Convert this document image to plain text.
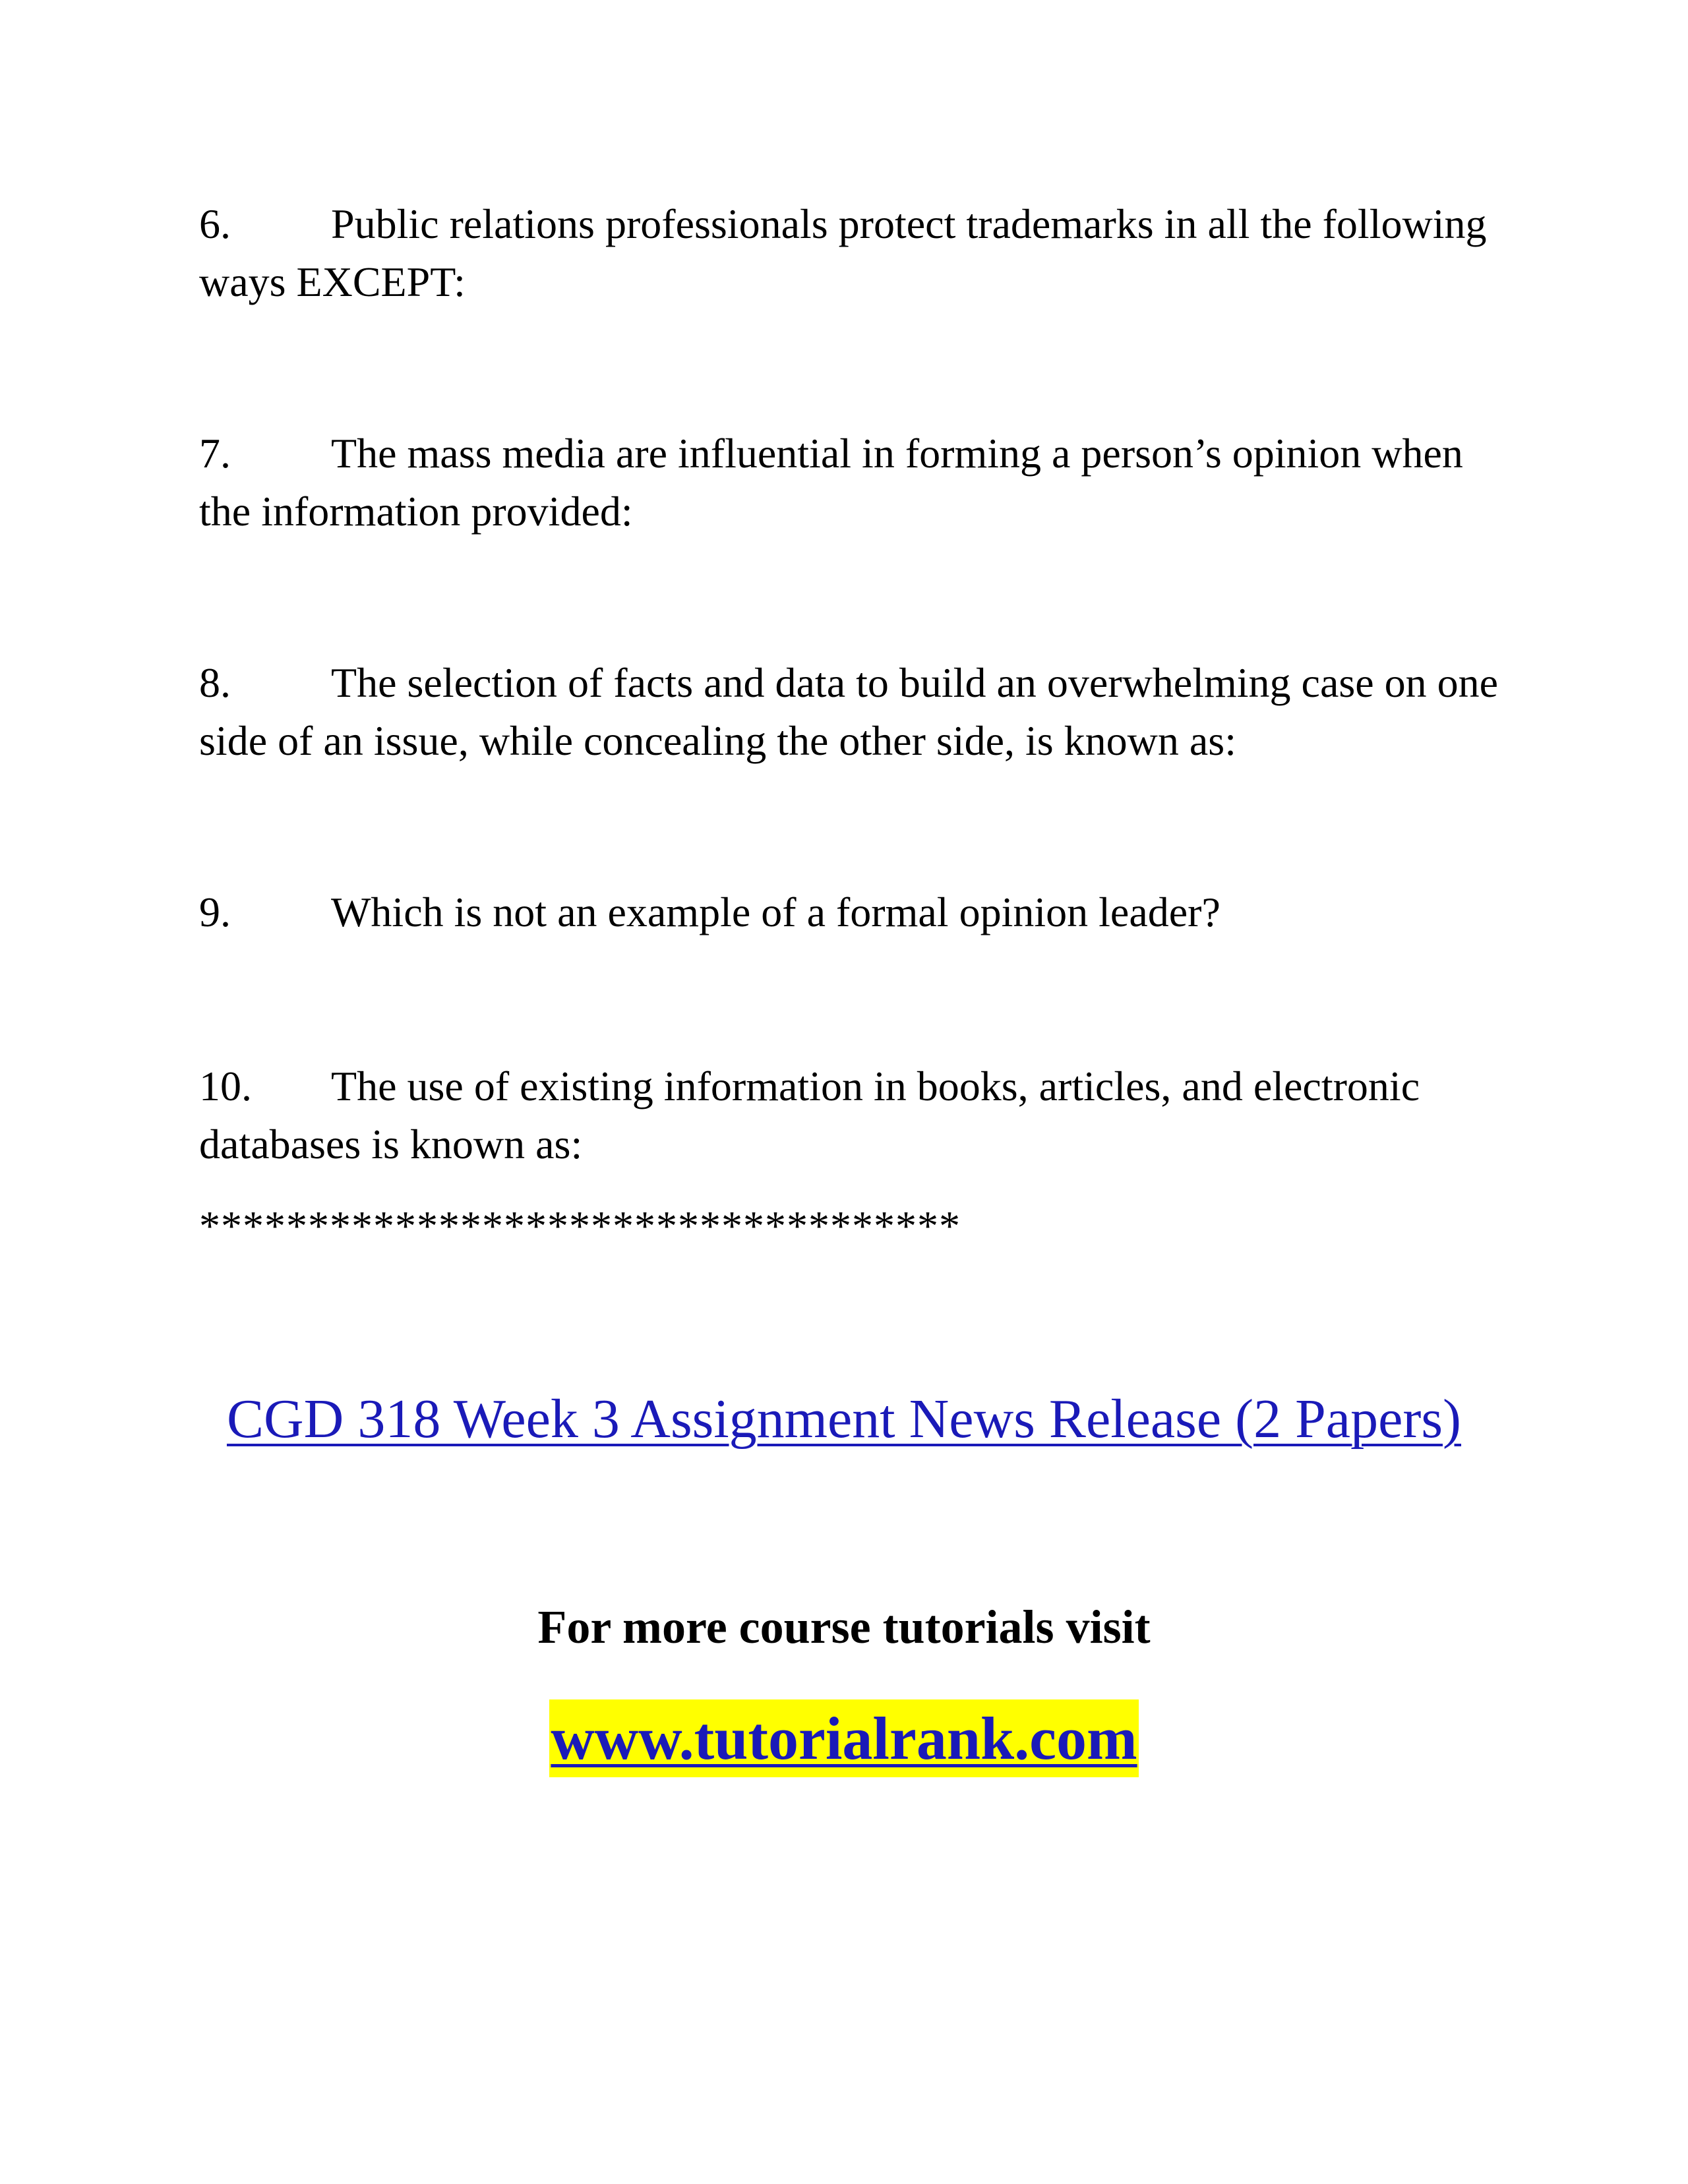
6. Public relations professionals protect trademarks in all the following ways EXCEPT:

7. The mass media are influential in forming a person’s opinion when the information provided:

8. The selection of facts and data to build an overwhelming case on one side of an issue, while concealing the other side, is known as:

9. Which is not an example of a formal opinion leader?

10. The use of existing information in books, articles, and electronic databases is known as:

***********************************
CGD 318 Week 3 Assignment News Release (2 Papers)
For more course tutorials visit
www.tutorialrank.com
